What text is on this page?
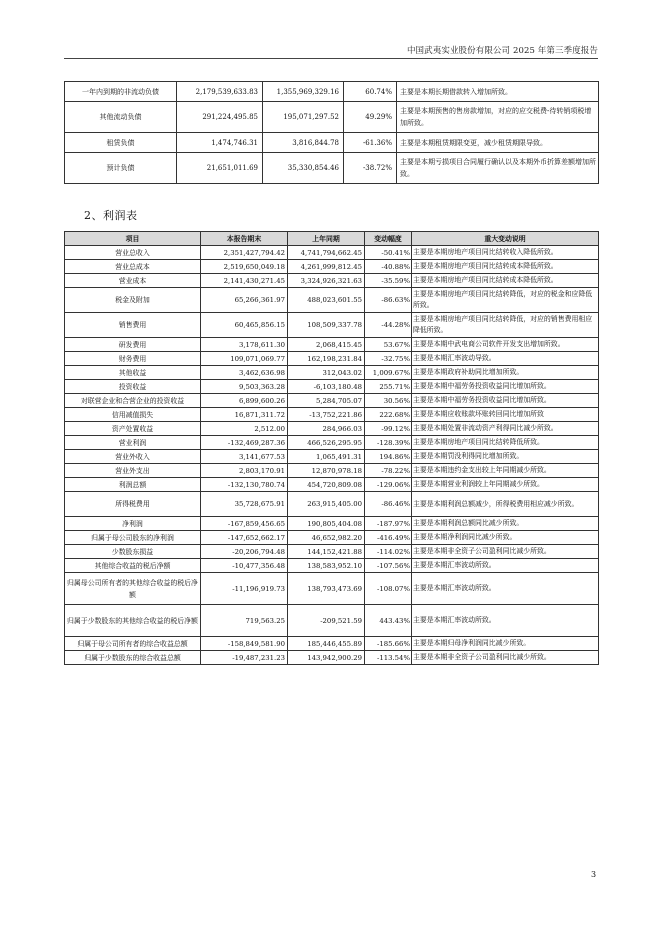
中国武夷实业股份有限公司 2025 年第三季度报告
一年内到期的非流动负债	2,179,539,633.83	1,355,969,329.16	60.74%	主要是本期长期借款转入增加所致。
其他流动负债	291,224,495.85	195,071,297.52	49.29%	主要是本期预售的售房款增加，对应的应交税费-待转销项税增加所致。
租赁负债	1,474,746.31	3,816,844.78	-61.36%	主要是本期租赁期限变更，减少租赁期限导致。
预计负债	21,651,011.69	35,330,854.46	-38.72%	主要是本期亏损项目合同履行确认以及本期外币折算差额增加所致。
2、利润表
项目	本报告期末	上年同期	变动幅度	重大变动说明
营业总收入	2,351,427,794.42	4,741,794,662.45	-50.41%	主要是本期房地产项目同比结转收入降低所致。
营业总成本	2,519,650,049.18	4,261,999,812.45	-40.88%	主要是本期房地产项目同比结转成本降低所致。
营业成本	2,141,430,271.45	3,324,926,321.63	-35.59%	主要是本期房地产项目同比结转成本降低所致。
税金及附加	65,266,361.97	488,023,601.55	-86.63%	主要是本期房地产项目同比结转降低，对应的税金和应降低所致。
销售费用	60,465,856.15	108,509,337.78	-44.28%	主要是本期房地产项目同比结转降低，对应的销售费用相应降低所致。
研发费用	3,178,611.30	2,068,415.45	53.67%	主要是本期中武电商公司软件开发支出增加所致。
财务费用	109,071,069.77	162,198,231.84	-32.75%	主要是本期汇率波动导致。
其他收益	3,462,636.98	312,043.02	1,009.67%	主要是本期政府补助同比增加所致。
投资收益	9,503,363.28	-6,103,180.48	255.71%	主要是本期中福劳务投资收益同比增加所致。
对联营企业和合营企业的投资收益	6,899,600.26	5,284,705.07	30.56%	主要是本期中福劳务投资收益同比增加所致。
信用减值损失	16,871,311.72	-13,752,221.86	222.68%	主要是本期应收账款坏账转回同比增加所致
资产处置收益	2,512.00	284,966.03	-99.12%	主要是本期处置非流动资产利得同比减少所致。
营业利润	-132,469,287.36	466,526,295.95	-128.39%	主要是本期房地产项目同比结转降低所致。
营业外收入	3,141,677.53	1,065,491.31	194.86%	主要是本期罚没利得同比增加所致。
营业外支出	2,803,170.91	12,870,978.18	-78.22%	主要是本期违约金支出较上年同期减少所致。
利润总额	-132,130,780.74	454,720,809.08	-129.06%	主要是本期营业利润较上年同期减少所致。
所得税费用	35,728,675.91	263,915,405.00	-86.46%	主要是本期利润总额减少，所得税费用相应减少所致。
净利润	-167,859,456.65	190,805,404.08	-187.97%	主要是本期利润总额同比减少所致。
归属于母公司股东的净利润	-147,652,662.17	46,652,982.20	-416.49%	主要是本期净利润同比减少所致。
少数股东损益	-20,206,794.48	144,152,421.88	-114.02%	主要是本期非全资子公司盈利同比减少所致。
其他综合收益的税后净额	-10,477,356.48	138,583,952.10	-107.56%	主要是本期汇率波动所致。
归属母公司所有者的其他综合收益的税后净额	-11,196,919.73	138,793,473.69	-108.07%	主要是本期汇率波动所致。
归属于少数股东的其他综合收益的税后净额	719,563.25	-209,521.59	443.43%	主要是本期汇率波动所致。
归属于母公司所有者的综合收益总额	-158,849,581.90	185,446,455.89	-185.66%	主要是本期归母净利润同比减少所致。
归属于少数股东的综合收益总额	-19,487,231.23	143,942,900.29	-113.54%	主要是本期非全资子公司盈利同比减少所致。
3
